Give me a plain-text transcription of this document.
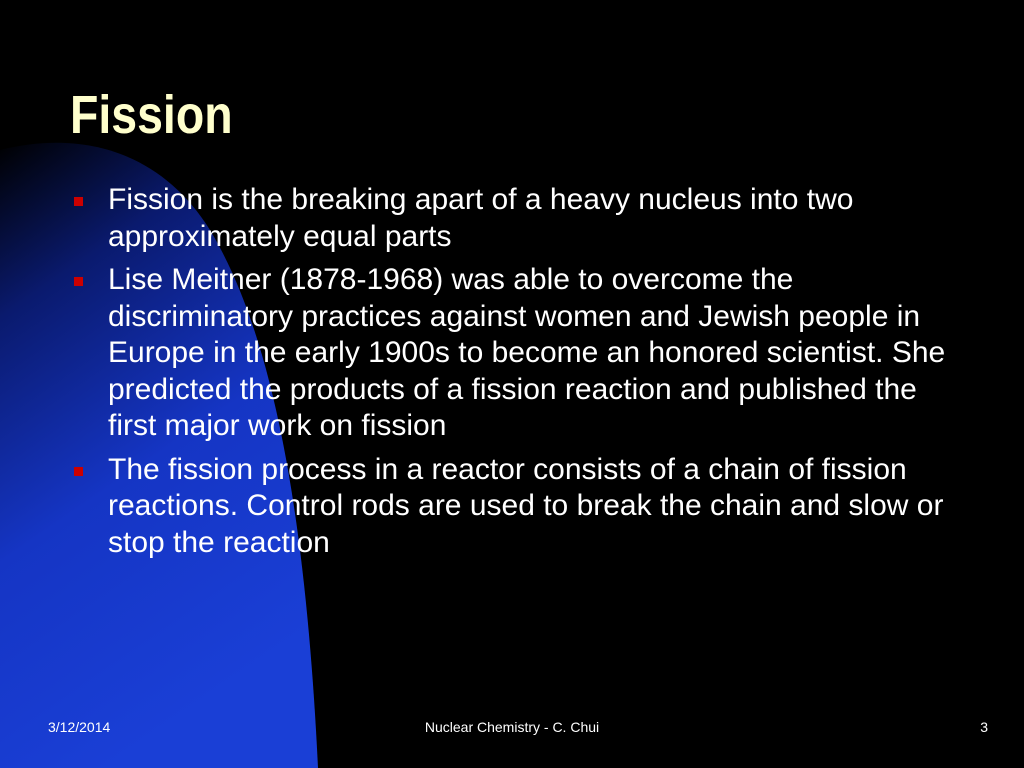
Fission
Fission is the breaking apart of a heavy nucleus into two approximately equal parts
Lise Meitner (1878-1968) was able to overcome the discriminatory practices against women and Jewish people in Europe in the early 1900s to become an honored scientist. She predicted the products of a fission reaction and published the first major work on fission
The fission process in a reactor consists of a chain of fission reactions. Control rods are used to break the chain and slow or stop the reaction
3/12/2014	Nuclear Chemistry - C. Chui	3
